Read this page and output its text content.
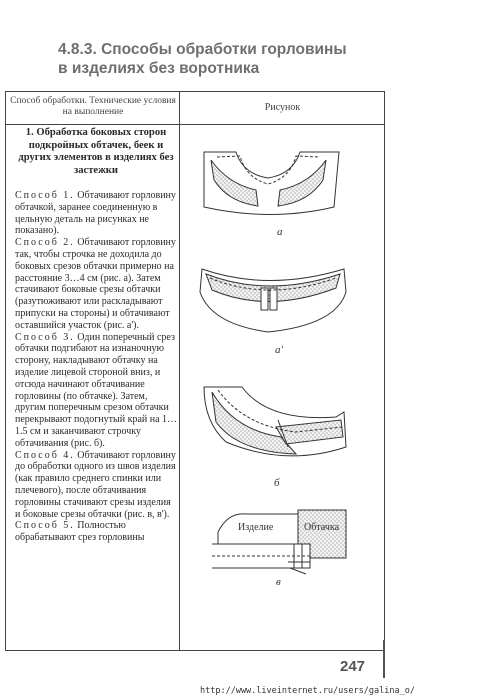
4.8.3. Способы обработки горловины
в изделиях без воротника
Способ обработки. Технические условия на выполнение	Рисунок
1. Обработка боковых сторон подкройных обтачек, беек и других элементов в изделиях без застежки

Способ 1. Обтачивают горловину обтачкой, заранее соединенную в цельную деталь на рисунках не показано).

Способ 2. Обтачивают горловину так, чтобы строчка не доходила до боковых срезов обтачки примерно на расстояние 3…4 см (рис. а). Затем стачивают боковые срезы обтачки (разутюживают или раскладывают припуски на стороны) и обтачивают оставшийся участок (рис. а').

Способ 3. Один поперечный срез обтачки подгибают на изнаночную сторону, накладывают обтачку на изделие лицевой стороной вниз, и отсюда начинают обтачивание горловины (по обтачке). Затем, другим поперечным срезом обтачки перекрывают подогнутый край на 1…1.5 см и заканчивают строчку обтачивания (рис. б).

Способ 4. Обтачивают горловину до обработки одного из швов изделия (как правило среднего спинки или плечевого), после обтачивания горловины стачивают срезы изделия и боковые срезы обтачки (рис. в, в').

Способ 5. Полностью обрабатывают срез горловины

а
а'
б
в
Изделие	Обтачка
247
http://www.liveinternet.ru/users/galina_o/
